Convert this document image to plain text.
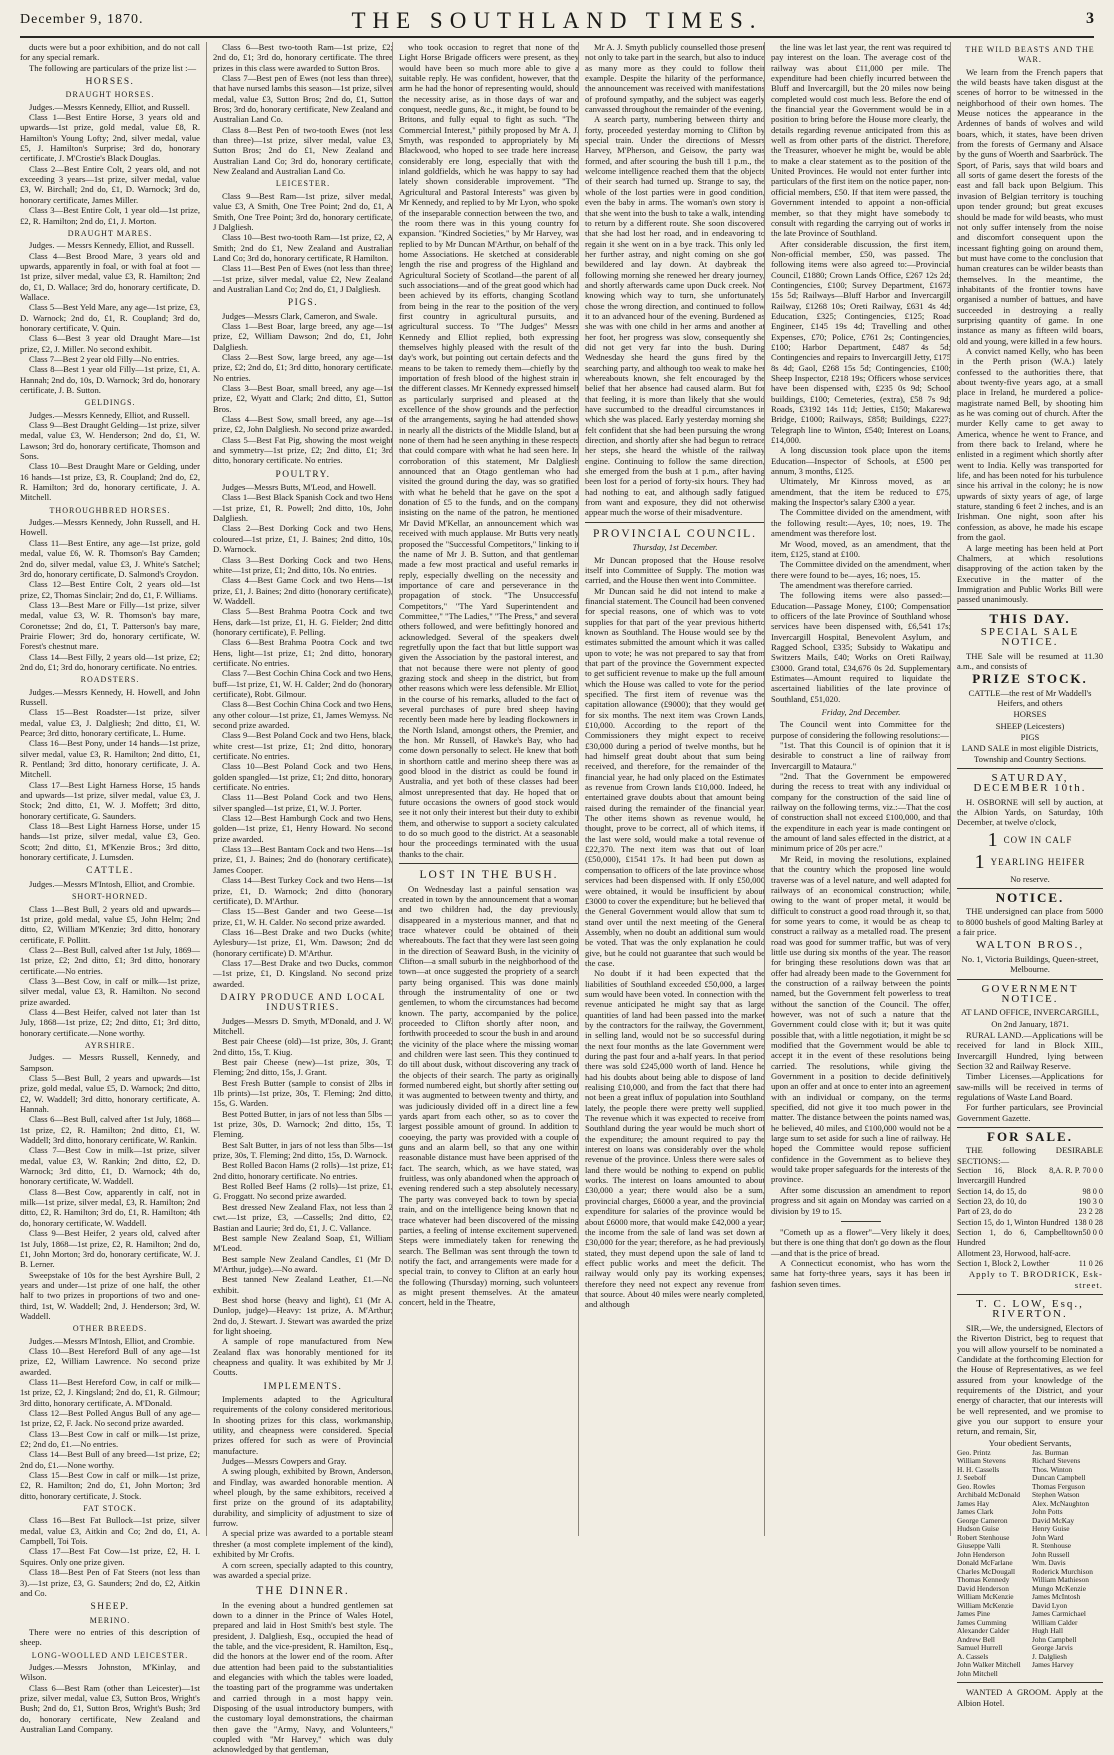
December 9, 1870.	THE SOUTHLAND TIMES.	3

ducts were but a poor exhibition, and do not call for any special remark.

The following are particulars of the prize list :—

HORSES.
DRAUGHT HORSES.

Judges.—Messrs Kennedy, Elliot, and Russell.

Class 1—Best Entire Horse, 3 years old and upwards—1st prize, gold medal, value £8, R. Hamilton's Young Lofty; 2nd, silver medal, value £5, J. Hamilton's Surprise; 3rd do, honorary certificate, J. M'Crostie's Black Douglas.

Class 2—Best Entire Colt, 2 years old, and not exceeding 3 years—1st prize, silver medal, value £3, W. Birchall; 2nd do, £1, D. Warnock; 3rd do, honorary certificate, James Miller.

Class 3—Best Entire Colt, 1 year old—1st prize, £2, R. Hamilton; 2nd do, £1, J. Morton.

DRAUGHT MARES.

Judges. — Messrs Kennedy, Elliot, and Russell.

Class 4—Best Brood Mare, 3 years old and upwards, apparently in foal, or with foal at foot —1st prize, silver medal, value £3, R. Hamilton; 2nd do, £1, D. Wallace; 3rd do, honorary certificate, D. Wallace.

Class 5—Best Yeld Mare, any age—1st prize, £3, D. Warnock; 2nd do, £1, R. Coupland; 3rd do, honorary certificate, V. Quin.

Class 6—Best 3 year old Draught Mare—1st prize, £2, J. Miller. No second exhibit.

Class 7—Best 2 year old Filly—No entries.

Class 8—Best 1 year old Filly—1st prize, £1, A. Hannah; 2nd do, 10s, D. Warnock; 3rd do, honorary certificate, J. B. Sutton.

GELDINGS.

Judges.—Messrs Kennedy, Elliot, and Russell.

Class 9—Best Draught Gelding—1st prize, silver medal, value £3, W. Henderson; 2nd do, £1, W. Lawson; 3rd do, honorary certificate, Thomson and Sons.

Class 10—Best Draught Mare or Gelding, under 16 hands—1st prize, £3, R. Coupland; 2nd do, £2, R. Hamilton; 3rd do, honorary certificate, J. A. Mitchell.

THOROUGHBRED HORSES.

Judges.—Messrs Kennedy, John Russell, and H. Howell.

Class 11—Best Entire, any age—1st prize, gold medal, value £6, W. R. Thomson's Bay Camden; 2nd do, silver medal, value £3, J. White's Satchel; 3rd do, honorary certificate, D. Salmond's Croydon.

Class 12—Best Entire Colt, 2 years old—1st prize, £2, Thomas Sinclair; 2nd do, £1, F. Williams.

Class 13—Best Mare or Filly—1st prize, silver medal, value £3, W. R. Thomson's bay mare, Coronetsse; 2nd do, £1, T. Patterson's bay mare, Prairie Flower; 3rd do, honorary certificate, W. Forest's chestnut mare.

Class 14—Best Filly, 2 years old—1st prize, £2; 2nd do, £1; 3rd do, honorary certificate. No entries.

ROADSTERS.

Judges.—Messrs Kennedy, H. Howell, and John Russell.

Class 15—Best Roadster—1st prize, silver medal, value £3, J. Dalgliesh; 2nd ditto, £1, W. Pearce; 3rd ditto, honorary certificate, L. Hume.

Class 16—Best Pony, under 14 hands—1st prize, silver medal, value £3, R. Hamilton; 2nd ditto, £1, R. Pentland; 3rd ditto, honorary certificate, J. A. Mitchell.

Class 17—Best Light Harness Horse, 15 hands and upwards—1st prize, silver medal, value £3, J. Stock; 2nd ditto, £1, W. J. Moffett; 3rd ditto, honorary certificate, G. Saunders.

Class 18—Best Light Harness Horse, under 15 hands—1st prize, silver medal, value £3, Geo. Scott; 2nd ditto, £1, M'Kenzie Bros.; 3rd ditto, honorary certificate, J. Lumsden.

CATTLE.

Judges.—Messrs M'Intosh, Elliot, and Crombie.

SHORT-HORNED.

Class 1—Best Bull, 2 years old and upwards—1st prize, gold medal, value £5, John Helm; 2nd ditto, £2, William M'Kenzie; 3rd ditto, honorary certificate, F. Pollitt.

Class 2—Best Bull, calved after 1st July, 1869—1st prize, £2; 2nd ditto, £1; 3rd ditto, honorary certificate.—No entries.

Class 3—Best Cow, in calf or milk—1st prize, silver medal, value £3, R. Hamilton. No second prize awarded.

Class 4—Best Heifer, calved not later than 1st July, 1868—1st prize, £2; 2nd ditto, £1; 3rd ditto, honorary certificate.—None worthy.

AYRSHIRE.

Judges. — Messrs Russell, Kennedy, and Sampson.

Class 5—Best Bull, 2 years and upwards—1st prize, gold medal, value £5, D. Warnock; 2nd ditto, £2, W. Waddell; 3rd ditto, honorary certificate, A. Hannah.

Class 6—Best Bull, calved after 1st July, 1868—1st prize, £2, R. Hamilton; 2nd ditto, £1, W. Waddell; 3rd ditto, honorary certificate, W. Rankin.

Class 7—Best Cow in milk—1st prize, silver medal, value £3, W. Rankin; 2nd ditto, £2, D. Warnock; 3rd ditto, £1, D. Warnock; 4th do, honorary certificate, W. Waddell.

Class 8—Best Cow, apparently in calf, not in milk—1st prize, silver medal, £3, R. Hamilton; 2nd ditto, £2, R. Hamilton; 3rd do, £1, R. Hamilton; 4th do, honorary certificate, W. Waddell.

Class 9—Best Heifer, 2 years old, calved after 1st July, 1868—1st prize, £2, R. Hamilton; 2nd do, £1, John Morton; 3rd do, honorary certificate, W. J. B. Lerner.

Sweepstake of 10s for the best Ayrshire Bull, 2 years and under—1st prize of one half, the other half to two prizes in proportions of two and one-third, 1st, W. Waddell; 2nd, J. Henderson; 3rd, W. Waddell.

OTHER BREEDS.

Judges.—Messrs M'Intosh, Elliot, and Crombie.

Class 10—Best Hereford Bull of any age—1st prize, £2, William Lawrence. No second prize awarded.

Class 11—Best Hereford Cow, in calf or milk—1st prize, £2, J. Kingsland; 2nd do, £1, R. Gilmour; 3rd ditto, honorary certificate, A. M'Donald.

Class 12—Best Polled Angus Bull of any age—1st prize, £2, F. Jack. No second prize awarded.

Class 13—Best Cow in calf or milk—1st prize, £2; 2nd do, £1.—No entries.

Class 14—Best Bull of any breed—1st prize, £2; 2nd do, £1.—None worthy.

Class 15—Best Cow in calf or milk—1st prize, £2, R. Hamilton; 2nd do, £1, John Morton; 3rd ditto, honorary certificate, J. Stock.

FAT STOCK.

Class 16—Best Fat Bullock—1st prize, silver medal, value £3, Aitkin and Co; 2nd do, £1, A. Campbell, Toi Tois.

Class 17—Best Fat Cow—1st prize, £2, H. I. Squires. Only one prize given.

Class 18—Best Pen of Fat Steers (not less than 3).—1st prize, £3, G. Saunders; 2nd do, £2, Aitkin and Co.

SHEEP.
MERINO.

There were no entries of this description of sheep.

LONG-WOOLLED AND LEICESTER.

Judges.—Messrs Johnston, M'Kinlay, and Wilson.

Class 6—Best Ram (other than Leicester)—1st prize, silver medal, value £3, Sutton Bros, Wright's Bush; 2nd do, £1, Sutton Bros, Wright's Bush; 3rd do, honorary certificate, New Zealand and Australian Land Company.

Class 6—Best two-tooth Ram—1st prize, £2; 2nd do, £1; 3rd do, honorary certificate. The three prizes in this class were awarded to Sutton Bros.

Class 7—Best pen of Ewes (not less than three), that have nursed lambs this season—1st prize, silver medal, value £3, Sutton Bros; 2nd do, £1, Sutton Bros; 3rd do, honorary certificate, New Zealand and Australian Land Co.

Class 8—Best Pen of two-tooth Ewes (not less than three)—1st prize, silver medal, value £3, Sutton Bros; 2nd do £1, New Zealand and Australian Land Co; 3rd do, honorary certificate, New Zealand and Australian Land Co.

LEICESTER.

Class 9—Best Ram—1st prize, silver medal, value £3, A Smith, One Tree Point; 2nd do, £1, A Smith, One Tree Point; 3rd do, honorary certificate, J Dalgliesh.

Class 10—Best two-tooth Ram—1st prize, £2, A Smith; 2nd do £1, New Zealand and Australian Land Co; 3rd do, honorary certificate, R Hamilton.

Class 11—Best Pen of Ewes (not less than three)—1st prize, silver medal, value £2, New Zealand and Australian Land Co; 2nd do, £1, J Dalgliesh.

PIGS.

Judges—Messrs Clark, Cameron, and Swale.

Class 1—Best Boar, large breed, any age—1st prize, £2, William Dawson; 2nd do, £1, John Dalgliesh.

Class 2—Best Sow, large breed, any age—1st prize, £2; 2nd do, £1; 3rd ditto, honorary certificate. No entries.

Class 3—Best Boar, small breed, any age—1st prize, £2, Wyatt and Clark; 2nd ditto, £1, Sutton Bros.

Class 4—Best Sow, small breed, any age—1st prize, £2, John Dalgliesh. No second prize awarded.

Class 5—Best Fat Pig, showing the most weight and symmetry—1st prize, £2; 2nd ditto, £1; 3rd ditto, honorary certificate. No entries.

POULTRY.

Judges—Messrs Butts, M'Leod, and Howell.

Class 1—Best Black Spanish Cock and two Hens—1st prize, £1, R. Powell; 2nd ditto, 10s, John Dalgliesh.

Class 2—Best Dorking Cock and two Hens, coloured—1st prize, £1, J. Baines; 2nd ditto, 10s, D. Warnock.

Class 3—Best Dorking Cock and two Hens, white—1st prize, £1; 2nd ditto, 10s. No entries.

Class 4—Best Game Cock and two Hens—1st prize, £1, J. Baines; 2nd ditto (honorary certificate), W. Waddell.

Class 5—Best Brahma Pootra Cock and two Hens, dark—1st prize, £1, H. G. Fielder; 2nd ditto (honorary certificate), F. Pelling.

Class 6—Best Brahma Pootra Cock and two Hens, light—1st prize, £1; 2nd ditto, honorary certificate. No entries.

Class 7—Best Cochin China Cock and two Hens, buff—1st prize, £1, W. H. Calder; 2nd do (honorary certificate), Robt. Gilmour.

Class 8—Best Cochin China Cock and two Hens, any other colour—1st prize, £1, James Wemyss. No second prize awarded.

Class 9—Best Poland Cock and two Hens, black, white crest—1st prize, £1; 2nd ditto, honorary certificate. No entries.

Class 10—Best Poland Cock and two Hens, golden spangled—1st prize, £1; 2nd ditto, honorary certificate. No entries.

Class 11—Best Poland Cock and two Hens, silver spangled—1st prize, £1, W. J. Porter.

Class 12—Best Hamburgh Cock and two Hens, golden—1st prize, £1, Henry Howard. No second prize awarded.

Class 13—Best Bantam Cock and two Hens—1st prize, £1, J. Baines; 2nd do (honorary certificate), James Cooper.

Class 14—Best Turkey Cock and two Hens—1st prize, £1, D. Warnock; 2nd ditto (honorary certificate), D. M'Arthur.

Class 15—Best Gander and two Geese—1st prize, £1, W. H. Calder. No second prize awarded.

Class 16—Best Drake and two Ducks (white) Aylesbury—1st prize, £1, Wm. Dawson; 2nd do (honorary certificate) D. M'Arthur.

Class 17—Best Drake and two Ducks, common—1st prize, £1, D. Kingsland. No second prize awarded.

DAIRY PRODUCE AND LOCAL INDUSTRIES.

Judges—Messrs D. Smyth, M'Donald, and J. W. Mitchell.

Best pair Cheese (old)—1st prize, 30s, J. Grant; 2nd ditto, 15s, T. Kiug.

Best pair Cheese (new)—1st prize, 30s, T. Fleming; 2nd ditto, 15s, J. Grant.

Best Fresh Butter (sample to consist of 2lbs in 1lb prints)—1st prize, 30s, T. Fleming; 2nd ditto, 15s, G. Warden.

Best Potted Butter, in jars of not less than 5lbs —1st prize, 30s, D. Warnock; 2nd ditto, 15s, T. Fleming.

Best Salt Butter, in jars of not less than 5lbs—1st prize, 30s, T. Fleming; 2nd ditto, 15s, D. Warnock.

Best Rolled Bacon Hams (2 rolls)—1st prize, £1; 2nd ditto, honorary certificate. No entries.

Best Rolled Beef Hams (2 rolls)—1st prize, £1, G. Froggatt. No second prize awarded.

Best dressed New Zealand Flax, not less than 2 cwt.—1st prize, £3, —Cassells; 2nd ditto, £2, Bastian and Laurie; 3rd do, £1, J. C. Vallance.

Best sample New Zealand Soap, £1, William M'Leod.

Best sample New Zealand Candles, £1 (Mr D. M'Arthur, judge).—No award.

Best tanned New Zealand Leather, £1.—No exhibit.

Best shod horse (heavy and light), £1 (Mr A. Dunlop, judge)—Heavy: 1st prize, A. M'Arthur; 2nd do, J. Stewart. J. Stewart was awarded the prize for light shoeing.

A sample of rope manufactured from New Zealand flax was honorably mentioned for its cheapness and quality. It was exhibited by Mr J. Coutts.

IMPLEMENTS.

Implements adapted to the Agricultural requirements of the colony considered meritorious. In shooting prizes for this class, workmanship, utility, and cheapness were considered. Special prizes offered for such as were of Provincial manufacture.

Judges—Messrs Cowpers and Gray.

A swing plough, exhibited by Brown, Anderson, and Findlay, was awarded honorable mention. A wheel plough, by the same exhibitors, received a first prize on the ground of its adaptability, durability, and simplicity of adjustment to size of furrow.

A special prize was awarded to a portable steam thresher (a most complete implement of the kind), exhibited by Mr Crofts.

A corn screen, specially adapted to this country, was awarded a special prize.

THE DINNER.

In the evening about a hundred gentlemen sat down to a dinner in the Prince of Wales Hotel, prepared and laid in Host Smith's best style. The president, J. Dalgliesh, Esq., occupied the head of the table, and the vice-president, R. Hamilton, Esq., did the honors at the lower end of the room. After due attention had been paid to the substantialities and elegancies with which the tables were loaded, the toasting part of the programme was undertaken and carried through in a most happy vein. Disposing of the usual introductory bumpers, with the customary loyal demonstrations, the chairman then gave the "Army, Navy, and Volunteers," coupled with "Mr Harvey," which was duly acknowledged by that gentleman,

who took occasion to regret that none of the Light Horse Brigade officers were present, as they would have been so much more able to give a suitable reply. He was confident, however, that the arm he had the honor of representing would, should the necessity arise, as in those days of war and conquest, needle guns, &c., it might, be found to be Britons, and fully equal to fight as such. "The Commercial Interest," pithily proposed by Mr A. J. Smyth, was responded to appropriately by Mr Blackwood, who hoped to see trade here increase considerably ere long, especially that with the inland goldfields, which he was happy to say had lately shown considerable improvement. "The Agricultural and Pastoral Interests" was given by Mr Kennedy, and replied to by Mr Lyon, who spoke of the inseparable connection between the two, and the room there was in this young country for expansion. "Kindred Societies," by Mr Harvey, was replied to by Mr Duncan M'Arthur, on behalf of the home Associations. He sketched at considerable length the rise and progress of the Highland and Agricultural Society of Scotland—the parent of all such associations—and of the great good which had been achieved by its efforts, changing Scotland from being in the rear to the position of the very first country in agricultural pursuits, and agricultural success. To "The Judges" Messrs Kennedy and Elliot replied, both expressing themselves highly pleased with the result of the day's work, but pointing out certain defects and the means to be taken to remedy them—chiefly by the importation of fresh blood of the highest strain in the different classes. Mr Kennedy expressed himself as particularly surprised and pleased at the excellence of the show grounds and the perfection of the arrangements, saying he had attended shows in nearly all the districts of the Middle Island, but at none of them had he seen anything in these respects that could compare with what he had seen here. In corroboration of this statement, Mr Dalgliesh announced that an Otago gentleman who had visited the ground during the day, was so gratified with what he beheld that he gave on the spot a donation of £5 to the funds, and on the company insisting on the name of the patron, he mentioned Mr David M'Kellar, an announcement which was received with much applause. Mr Butts very neatly proposed the "Successful Competitors," linking to it the name of Mr J. B. Sutton, and that gentleman made a few most practical and useful remarks in reply, especially dwelling on the necessity and importance of care and perseverance in the propagation of stock. "The Unsuccessful Competitors," "The Yard Superintendent and Committee," "The Ladies," "The Press," and several others followed, and were befittingly honored and acknowledged. Several of the speakers dwelt regretfully upon the fact that but little support was given the Association by the pastoral interest, and that not because there were not plenty of good grazing stock and sheep in the district, but from other reasons which were less defensible. Mr Elliot, in the course of his remarks, alluded to the fact of several purchases of pure bred sheep having recently been made here by leading flockowners in the North Island, amongst others, the Premier, and the hon. Mr Russell, of Hawke's Bay, who had come down personally to select. He knew that both in shorthorn cattle and merino sheep there was as good blood in the district as could be found in Australia, and yet both of these classes had been almost unrepresented that day. He hoped that on future occasions the owners of good stock would see it not only their interest but their duty to exhibit them, and otherwise to support a society calculated to do so much good to the district. At a seasonable hour the proceedings terminated with the usual thanks to the chair.

LOST IN THE BUSH.

On Wednesday last a painful sensation was created in town by the announcement that a woman and two children had, the day previously, disappeared in a mysterious manner, and that no trace whatever could be obtained of their whereabouts. The fact that they were last seen going in the direction of Seaward Bush, in the vicinity of Clifton—a small suburb in the neighborhood of the town—at once suggested the propriety of a search party being organised. This was done mainly through the instrumentality of one or two gentlemen, to whom the circumstances had become known. The party, accompanied by the police, proceeded to Clifton shortly after noon, and forthwith proceeded to scour the bush in and around the vicinity of the place where the missing woman and children were last seen. This they continued to do till about dusk, without discovering any track of the objects of their search. The party as originally formed numbered eight, but shortly after setting out it was augmented to between twenty and thirty, and was judiciously divided off in a direct line a few yards apart from each other, so as to cover the largest possible amount of ground. In addition to cooeying, the party was provided with a couple of guns and an alarm bell, so that any one within reasonable distance must have been apprised of the fact. The search, which, as we have stated, was fruitless, was only abandoned when the approach of evening rendered such a step absolutely necessary. The party was conveyed back to town by special train, and on the intelligence being known that no trace whatever had been discovered of the missing parties, a feeling of intense excitement supervened. Steps were immediately taken for renewing the search. The Bellman was sent through the town to notify the fact, and arrangements were made for a special train, to convey to Clifton at an early hour the following (Thursday) morning, such volunteers as might present themselves. At the amateur concert, held in the Theatre,

Mr A. J. Smyth publicly counselled those present not only to take part in the search, but also to induce as many more as they could to follow their example. Despite the hilarity of the performance, the announcement was received with manifestations of profound sympathy, and the subject was eagerly canvassed throughout the remainder of the evening.

A search party, numbering between thirty and forty, proceeded yesterday morning to Clifton by special train. Under the directions of Messrs Harvey, M'Pherson, and Geisow, the party was formed, and after scouring the bush till 1 p.m., the welcome intelligence reached them that the objects of their search had turned up. Strange to say, the whole of the lost parties were in good condition, even the baby in arms. The woman's own story is that she went into the bush to take a walk, intending to return by a different route. She soon discovered that she had lost her road, and in endeavoring to regain it she went on in a bye track. This only led her further astray, and night coming on she got bewildered and lay down. At daybreak the following morning she renewed her dreary journey, and shortly afterwards came upon Duck creek. Not knowing which way to turn, she unfortunately chose the wrong direction, and continued to follow it to an advanced hour of the evening. Burdened as she was with one child in her arms and another at her foot, her progress was slow, consequently she did not get very far into the bush. During Wednesday she heard the guns fired by the searching party, and although too weak to make her whereabouts known, she felt encouraged by the belief that her absence had caused alarm. But for that feeling, it is more than likely that she would have succumbed to the dreadful circumstances in which she was placed. Early yesterday morning she felt confident that she had been pursuing the wrong direction, and shortly after she had begun to retrace her steps, she heard the whistle of the railway engine. Continuing to follow the same direction, she emerged from the bush at 1 p.m., after having been lost for a period of forty-six hours. They had had nothing to eat, and although sadly fatigued from want and exposure, they did not otherwise appear much the worse of their misadventure.

PROVINCIAL COUNCIL.
Thursday, 1st December.

Mr Duncan proposed that the House resolve itself into Committee of Supply. The motion was carried, and the House then went into Committee.

Mr Duncan said he did not intend to make a financial statement. The Council had been convened for special reasons, one of which was to vote supplies for that part of the year previous hitherto known as Southland. The House would see by the estimates submitted the amount which it was called upon to vote; he was not prepared to say that from that part of the province the Government expected to get sufficient revenue to make up the full amount which the House was called to vote for the period specified. The first item of revenue was the capitation allowance (£9000); that they would get for six months. The next item was Crown Lands, £10,000. According to the report of the Commissioners they might expect to receive £30,000 during a period of twelve months, but he had himself great doubt about that sum being received, and therefore, for the remainder of the financial year, he had only placed on the Estimates as revenue from Crown lands £10,000. Indeed, he entertained grave doubts about that amount being raised during the remainder of the financial year. The other items shown as revenue would, he thought, prove to be correct, all of which items, if the last were sold, would make a total revenue of £22,370. The next item was that out of loan (£50,000), £1541 17s. It had been put down as compensation to officers of the late province whose services had been dispensed with. If only £50,000 were obtained, it would be insufficient by about £3000 to cover the expenditure; but he believed that the General Government would allow that sum to stand over until the next meeting of the General Assembly, when no doubt an additional sum would be voted. That was the only explanation he could give, but he could not guarantee that such would be the case.

No doubt if it had been expected that the liabilities of Southland exceeded £50,000, a larger sum would have been voted. In connection with the revenue anticipated he might say that as large quantities of land had been passed into the market by the contractors for the railway, the Government, in selling land, would not be so successful during the next four months as the late Government were during the past four and a-half years. In that period there was sold £245,000 worth of land. Hence he had his doubts about being able to dispose of land realising £10,000, and from the fact that there had not been a great influx of population into Southland lately, the people there were pretty well supplied. The revenue which it was expected to receive from Southland during the year would be much short of the expenditure; the amount required to pay the interest on loans was considerably over the whole revenue of the province. Unless there were sales of land there would be nothing to expend on public works. The interest on loans amounted to about £30,000 a year; there would also be a sum, provincial charges, £6000 a year, and the provincial expenditure for salaries of the province would be about £6000 more, that would make £42,000 a year; the income from the sale of land was set down at £30,000 for the year; therefore, as he had previously stated, they must depend upon the sale of land to effect public works and meet the deficit. The railway would only pay its working expenses; therefore they need not expect any revenue from that source. About 40 miles were nearly completed, and although

the line was let last year, the rent was required to pay interest on the loan. The average cost of the railway was about £11,000 per mile. The expenditure had been chiefly incurred between the Bluff and Invercargill, but the 20 miles now being completed would cost much less. Before the end of the financial year the Government would be in a position to bring before the House more clearly, the details regarding revenue anticipated from this as well as from other parts of the district. Therefore, the Treasurer, whoever he might be, would be able to make a clear statement as to the position of the United Provinces. He would not enter further into particulars of the first item on the notice paper, non-official members, £50. If that item were passed, the Government intended to appoint a non-official member, so that they might have somebody to consult with regarding the carrying out of works in the late Province of Southland.

After considerable discussion, the first item, Non-official member, £50, was passed. The following items were also agreed to:—Provincial Council, £1880; Crown Lands Office, £267 12s 2d; Contingencies, £100; Survey Department, £1673 15s 5d; Railways—Bluff Harbor and Invercargill Railway, £1268 10s; Oreti Railway, £631 4s 4d; Education, £325; Contingencies, £125; Road Engineer, £145 19s 4d; Travelling and other Expenses, £70; Police, £761 2s; Contingencies, £100; Harbor Department, £487 4s 5d; Contingencies and repairs to Invercargill Jetty, £175 8s 4d; Gaol, £268 15s 5d; Contingencies, £100; Sheep Inspector, £218 19s; Officers whose services have been dispensed with, £235 0s 9d; School buildings, £100; Cemeteries, (extra), £58 7s 9d; Roads, £3192 14s 11d; Jetties, £150; Makarewa Bridge, £1000; Railways, £858; Buildings, £227; Telegraph line to Winton, £540; Interest on Loans, £14,000.

A long discussion took place upon the items Education—Inspector of Schools, at £500 per annum, 3 months, £125.

Ultimately, Mr Kinross moved, as an amendment, that the item be reduced to £75, making the Inspector's salary £300 a year.

The Committee divided on the amendment, with the following result:—Ayes, 10; noes, 19. The amendment was therefore lost.

Mr Wood, moved, as an amendment, that the item, £125, stand at £100.

The Committee divided on the amendment, when there were found to be—ayes, 16; noes, 15.

The amendment was therefore carried.

The following items were also passed:—Education—Passage Money, £100; Compensation to officers of the late Province of Southland whose services have been dispensed with, £6,541 17s; Invercargill Hospital, Benevolent Asylum, and Ragged School, £335; Subsidy to Wakatipu and Switzers Mails, £40; Works on Oreti Railway, £3000. Grand total, £34,676 0s 2d. Supplementary Estimates—Amount required to liquidate the ascertained liabilities of the late province of Southland, £51,020.

Friday, 2nd December.

The Council went into Committee for the purpose of considering the following resolutions:—

"1st. That this Council is of opinion that it is desirable to construct a line of railway from Invercargill to Mataura."

"2nd. That the Government be empowered during the recess to treat with any individual or company for the construction of the said line of railway on the following terms, viz.:—That the cost of construction shall not exceed £100,000, and that the expenditure in each year is made contingent on the amount of land sales effected in the district, at a minimum price of 20s per acre."

Mr Reid, in moving the resolutions, explained that the country which the proposed line would traverse was of a level nature, and well adapted for railways of an economical construction; while, owing to the want of proper metal, it would be difficult to construct a good road through it, so that, for some years to come, it would be as cheap to construct a railway as a metalled road. The present road was good for summer traffic, but was of very little use during six months of the year. The reason for bringing these resolutions down was that an offer had already been made to the Government for the construction of a railway between the points named, but the Government felt powerless to treat without the sanction of the Council. The offer, however, was not of such a nature that the Government could close with it; but it was quite possible that, with a little negotiation, it might be so modified that the Government would be able to accept it in the event of these resolutions being carried. The resolutions, while giving the Government in a position to decide definitively upon an offer and at once to enter into an agreement with an individual or company, on the terms specified, did not give it too much power in the matter. The distance between the points named was, he believed, 40 miles, and £100,000 would not be a large sum to set aside for such a line of railway. He hoped the Committee would repose sufficient confidence in the Government as to believe they would take proper safeguards for the interests of the province.

After some discussion an amendment to report progress and sit again on Monday was carried on a division by 19 to 15.

"Cometh up as a flower"—Very likely it does, but there is one thing that don't go down as the flour—and that is the price of bread.

A Connecticut economist, who has worn the same hat forty-three years, says it has been in fashion seven times.

THE WILD BEASTS AND THE WAR.

We learn from the French papers that the wild beasts have taken disgust at the scenes of horror to be witnessed in the neighborhood of their own homes. The Meuse notices the appearance in the Ardennes of bands of wolves and wild boars, which, it states, have been driven from the forests of Germany and Alsace by the guns of Woerth and Saarbrück. The Sport, of Paris, says that wild boars and all sorts of game desert the forests of the east and fall back upon Belgium. This invasion of Belgian territory is touching upon tender ground; but great excuses should be made for wild beasts, who must not only suffer intensely from the noise and discomfort consequent upon the incessant fighting going on around them, but must have come to the conclusion that human creatures can be wilder beasts than themselves. In the meantime, the inhabitants of the frontier towns have organised a number of battues, and have succeeded in destroying a really surprising quantity of game. In one instance as many as fifteen wild boars, old and young, were killed in a few hours.

A convict named Kelly, who has been in the Perth prison (W.A.) lately confessed to the authorities there, that about twenty-five years ago, at a small place in Ireland, he murdered a police-magistrate named Bell, by shooting him as he was coming out of church. After the murder Kelly came to get away to America, whence he went to France, and from there back to Ireland, where he enlisted in a regiment which shortly after went to India. Kelly was transported for life, and has been noted for his turbulence since his arrival in the colony; he is now upwards of sixty years of age, of large stature, standing 6 feet 2 inches, and is an Irishman. One night, soon after his confession, as above, he made his escape from the gaol.

A large meeting has been held at Port Chalmers, at which resolutions disapproving of the action taken by the Executive in the matter of the Immigration and Public Works Bill were passed unanimously.

THIS DAY.
SPECIAL SALE NOTICE.

THE Sale will be resumed at 11.30 a.m., and consists of

PRIZE STOCK.
CATTLE—the rest of Mr Waddell's Heifers, and others
HORSES
SHEEP (Leicesters)
PIGS
LAND SALE in most eligible Districts, Township and Country Sections.
SATURDAY, DECEMBER 10th.

H. OSBORNE will sell by auction, at the Albion Yards, on Saturday, 10th December, at twelve o'clock,

1 COW IN CALF
1 YEARLING HEIFER
No reserve.
NOTICE.

THE undersigned can place from 5000 to 8000 bushels of good Malting Barley at a fair price.

WALTON BROS.,
No. 1, Victoria Buildings, Queen-street, Melbourne.
GOVERNMENT NOTICE.
AT LAND OFFICE, INVERCARGILL,
On 2nd January, 1871.

RURAL LAND.—Applications will be received for land in Block XIII., Invercargill Hundred, lying between Section 32 and Railway Reserve.

Timber Licenses.—Applications for saw-mills will be received in terms of regulations of Waste Land Board.

For further particulars, see Provincial Government Gazette.

FOR SALE.

THE following DESIRABLE SECTIONS:—

Section 16, Block 8, Invercargill Hundred
A. R. P. 70 0 0
Section 14, do 15, do	98 0 0
Section 23, do 10, do	190 3 0
Part of 23, do do	23 2 28
Section 15, do 1, Winton Hundred 138 0 28
Section 1, do 6, Campbelltown Hundred
50 0 0
Allotment 23, Horwood, half-acre.
Section 1, Block 2, Lowther	11 0 26
Apply to T. BRODRICK, Esk-street.
T. C. LOW, Esq., RIVERTON.

SIR,—We, the undersigned, Electors of the Riverton District, beg to request that you will allow yourself to be nominated a Candidate at the forthcoming Election for the House of Representatives, as we feel assured from your knowledge of the requirements of the District, and your energy of character, that our interests will be well represented, and we promise to give you our support to ensure your return, and remain, Sir,

Your obedient Servants,
Geo. Printz	Jas. Burman
William Stevens	Richard Stevens
H. H. Cassells	Thos. Winton
J. Seebolf	Duncan Campbell
Geo. Rowles	Thomas Ferguson
Archibald McDonald	Stephen Watson
James Hay	Alex. McNaughton
James Clark	John Potts
George Cameron	David McKay
Hudson Guise	Henry Guise
Robert Stenhouse	John Ward
Giuseppe Valli	R. Stenhouse
John Henderson	John Russell
Donald McFarlane	Wm. Davis
Charles McDougall	Roderick Murchison
Thomas Kennedy	William Mathieson
David Henderson	Mungo McKenzie
William McKenzie	James McIntosh
William McKenzie	David Lyon
James Pine	James Carmichael
James Cumming	William Calder
Alexander Calder	Hugh Hall
Andrew Bell	John Campbell
Samuel Hurrell	George Jarvis
A. Cassels	J. Dalgliesh
John Walker Mitchell	James Harvey
John Mitchell

WANTED A GROOM. Apply at the Albion Hotel.
